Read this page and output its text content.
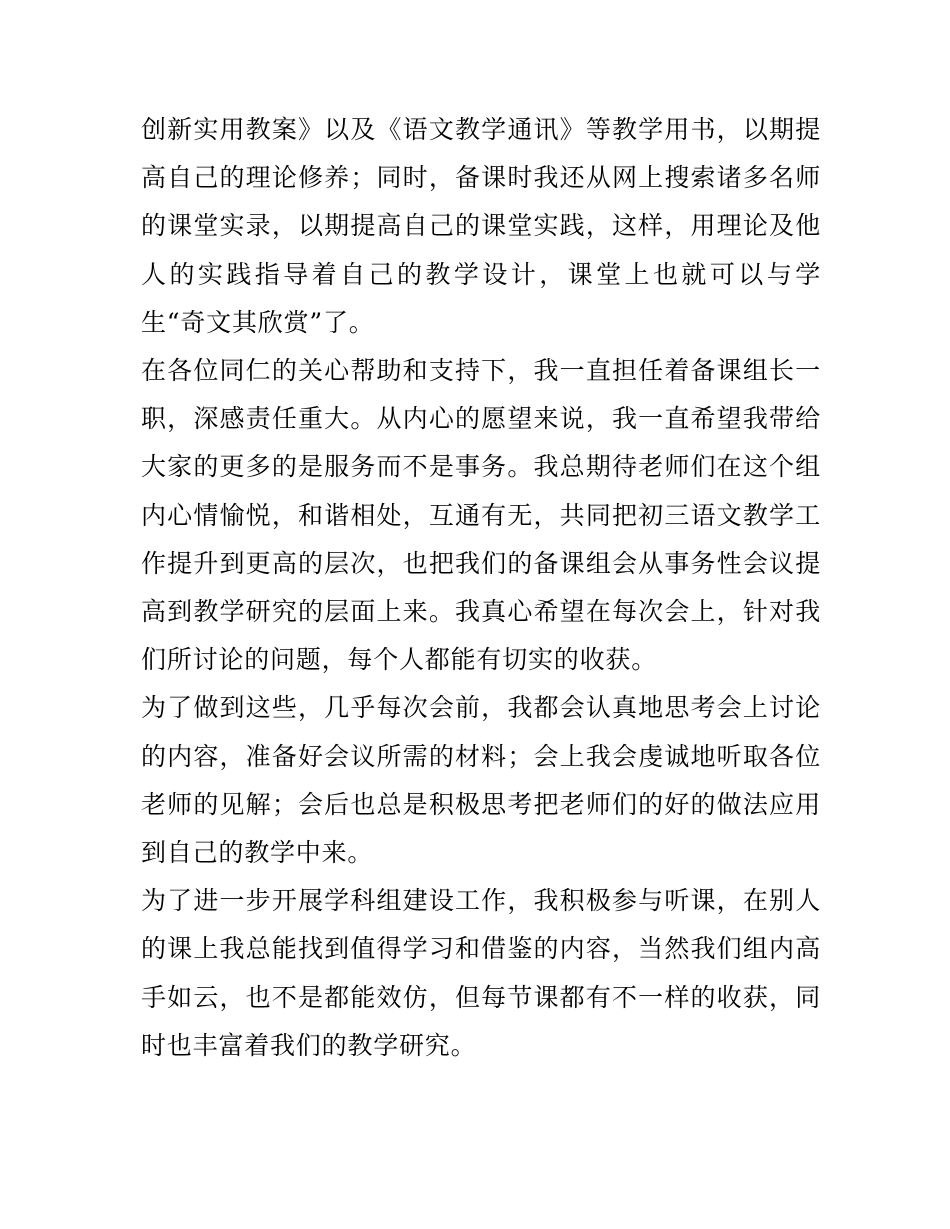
创新实用教案》以及《语文教学通讯》等教学用书，以期提高自己的理论修养；同时，备课时我还从网上搜索诸多名师的课堂实录，以期提高自己的课堂实践，这样，用理论及他人的实践指导着自己的教学设计，课堂上也就可以与学生“奇文其欣赏”了。

在各位同仁的关心帮助和支持下，我一直担任着备课组长一职，深感责任重大。从内心的愿望来说，我一直希望我带给大家的更多的是服务而不是事务。我总期待老师们在这个组内心情愉悦，和谐相处，互通有无，共同把初三语文教学工作提升到更高的层次，也把我们的备课组会从事务性会议提高到教学研究的层面上来。我真心希望在每次会上，针对我们所讨论的问题，每个人都能有切实的收获。

为了做到这些，几乎每次会前，我都会认真地思考会上讨论的内容，准备好会议所需的材料；会上我会虔诚地听取各位老师的见解；会后也总是积极思考把老师们的好的做法应用到自己的教学中来。

为了进一步开展学科组建设工作，我积极参与听课，在别人的课上我总能找到值得学习和借鉴的内容，当然我们组内高手如云，也不是都能效仿，但每节课都有不一样的收获，同时也丰富着我们的教学研究。
